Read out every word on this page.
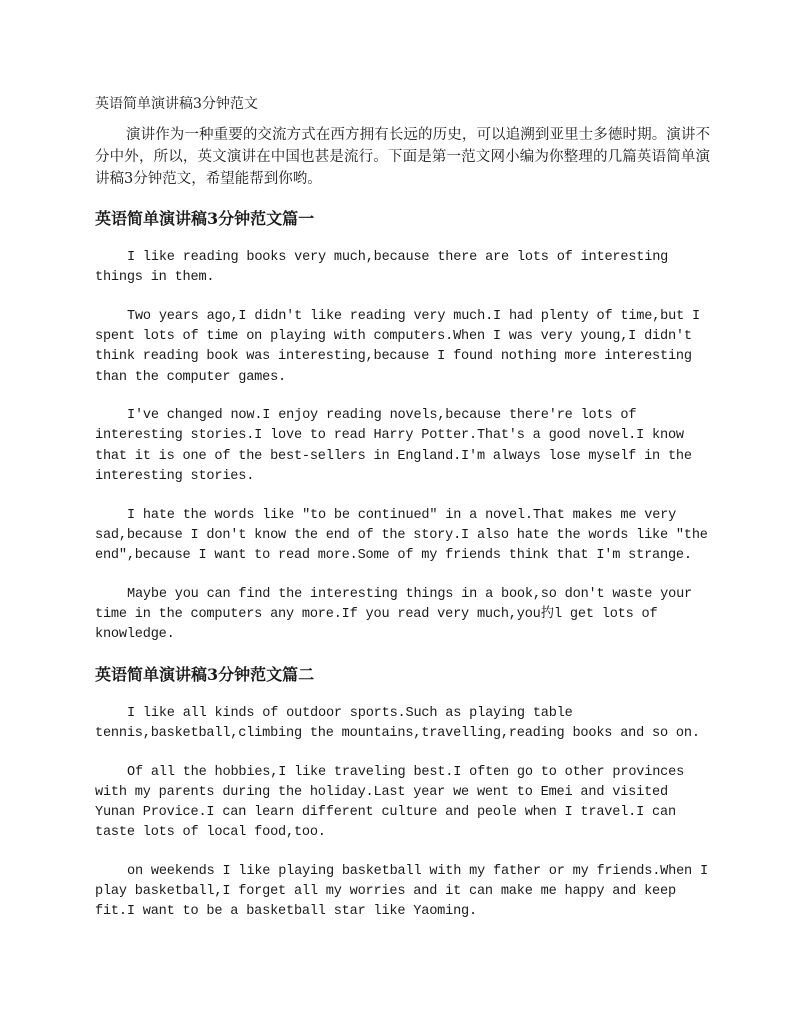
英语简单演讲稿3分钟范文

演讲作为一种重要的交流方式在西方拥有长远的历史，可以追溯到亚里士多德时期。演讲不分中外，所以，英文演讲在中国也甚是流行。下面是第一范文网小编为你整理的几篇英语简单演讲稿3分钟范文，希望能帮到你哟。

英语简单演讲稿3分钟范文篇一

I like reading books very much,because there are lots of interesting things in them.

Two years ago,I didn't like reading very much.I had plenty of time,but I spent lots of time on playing with computers.When I was very young,I didn't think reading book was interesting,because I found nothing more interesting than the computer games.

I've changed now.I enjoy reading novels,because there're lots of interesting stories.I love to read Harry Potter.That's a good novel.I know that it is one of the best-sellers in England.I'm always lose myself in the interesting stories.

I hate the words like "to be continued" in a novel.That makes me very sad,because I don't know the end of the story.I also hate the words like "the end",because I want to read more.Some of my friends think that I'm strange.

Maybe you can find the interesting things in a book,so don't waste your time in the computers any more.If you read very much,you扚l get lots of knowledge.

英语简单演讲稿3分钟范文篇二

I like all kinds of outdoor sports.Such as playing table tennis,basketball,climbing the mountains,travelling,reading books and so on.

Of all the hobbies,I like traveling best.I often go to other provinces with my parents during the holiday.Last year we went to Emei and visited Yunan Provice.I can learn different culture and peole when I travel.I can taste lots of local food,too.

on weekends I like playing basketball with my father or my friends.When I play basketball,I forget all my worries and it can make me happy and keep fit.I want to be a basketball star like Yaoming.
